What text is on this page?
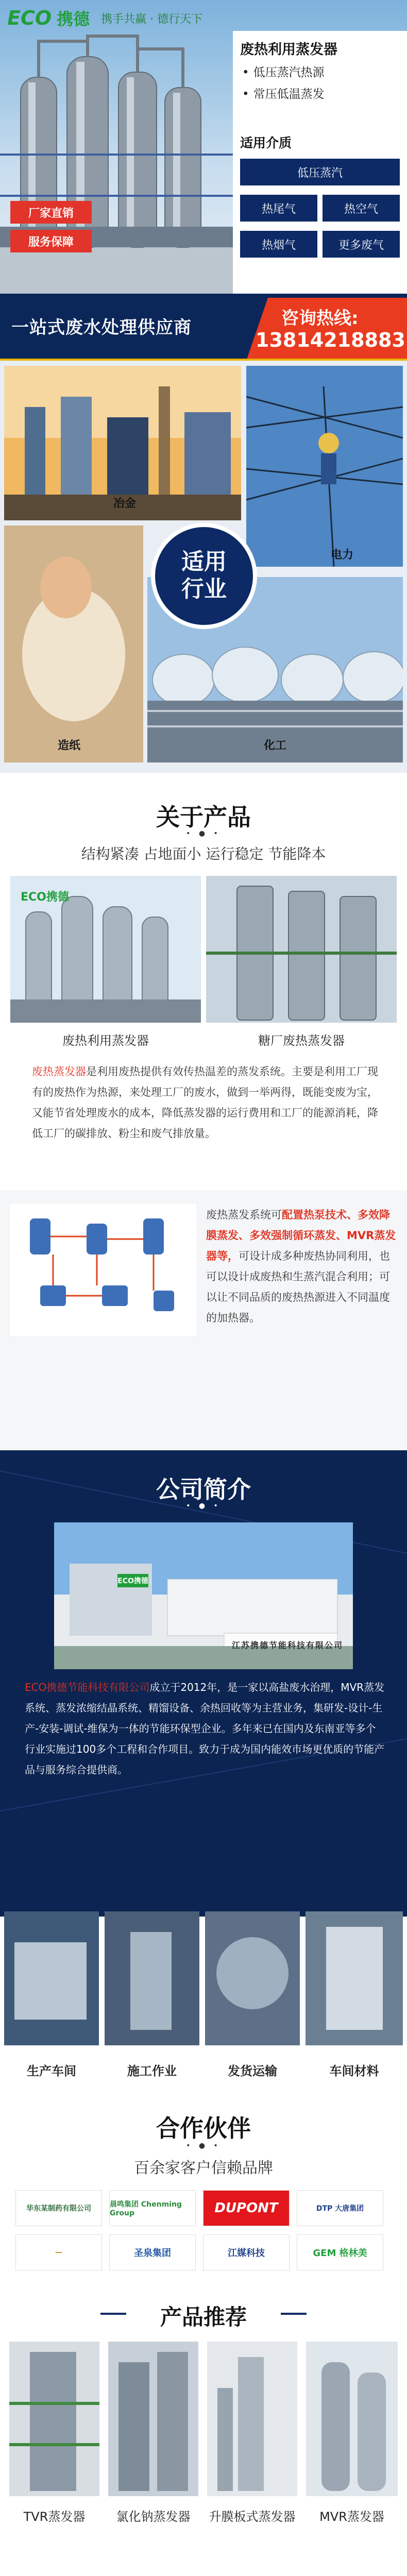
ECO 携德 携手共赢 · 德行天下
厂家直销
服务保障
废热利用蒸发器
• 低压蒸汽热源
• 常压低温蒸发
适用介质
低压蒸汽
热尾气	热空气
热烟气	更多废气
一站式废水处理供应商	咨询热线:
13814218883
冶金
电力
造纸	化工
适用
行业
关于产品
• ● •
结构紧凑 占地面小 运行稳定 节能降本
ECO携德
废热利用蒸发器	糖厂废热蒸发器
废热蒸发器是利用废热提供有效传热温差的蒸发系统。主要是利用工厂现有的废热作为热源，来处理工厂的废水，做到一举两得，既能变废为宝，又能节省处理废水的成本，降低蒸发器的运行费用和工厂的能源消耗，降低工厂的碳排放、粉尘和废气排放量。
废热蒸发系统可配置热泵技术、多效降膜蒸发、多效强制循环蒸发、MVR蒸发器等，可设计成多种废热协同利用，也可以设计成废热和生蒸汽混合利用；可以让不同品质的废热热源进入不同温度的加热器。
公司简介
• ● •
ECO携德
江苏携德节能科技有限公司
ECO携德节能科技有限公司成立于2012年，是一家以高盐废水治理，MVR蒸发系统、蒸发浓缩结晶系统、精馏设备、余热回收等为主营业务，集研发-设计-生产-安装-调试-维保为一体的节能环保型企业。多年来已在国内及东南亚等多个行业实施过100多个工程和合作项目。致力于成为国内能效市场更优质的节能产品与服务综合提供商。
生产车间	施工作业	发货运输	车间材料
合作伙伴
• ● •
百余家客户信赖品牌
华东某制药有限公司	晨鸣集团 Chenming Group	DUPONT	DTP 大唐集团
—	圣泉集团	江媒科技	GEM 格林美
产品推荐
TVR蒸发器	氯化钠蒸发器	升膜板式蒸发器	MVR蒸发器
